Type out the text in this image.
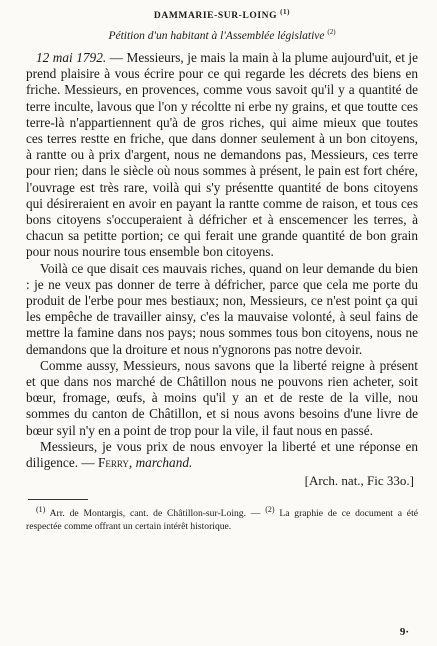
DAMMARIE-SUR-LOING $^{(1)}$
Pétition d'un habitant à l'Assemblée législative $^{(2)}$

12 mai 1792. — Messieurs, je mais la main à la plume aujourd'uit, et je prend plaisire à vous écrire pour ce qui regarde les décrets des biens en friche. Messieurs, en provences, comme vous savoit qu'il y a quantité de terre inculte, lavous que l'on y récoltte ni erbe ny grains, et que toutte ces terre-là n'appartiennent qu'à de gros riches, qui aime mieux que toutes ces terres restte en friche, que dans donner seulement à un bon citoyens, à rantte ou à prix d'argent, nous ne demandons pas, Messieurs, ces terre pour rien; dans le siècle où nous sommes à présent, le pain est fort chére, l'ouvrage est très rare, voilà qui s'y présentte quantité de bons citoyens qui désireraient en avoir en payant la rantte comme de raison, et tous ces bons citoyens s'occuperaient à défricher et à enscemencer les terres, à chacun sa petitte portion; ce qui ferait une grande quantité de bon grain pour nous nourire tous ensemble bon citoyens.

Voilà ce que disait ces mauvais riches, quand on leur demande du bien : je ne veux pas donner de terre à défricher, parce que cela me porte du produit de l'erbe pour mes bestiaux; non, Messieurs, ce n'est point ça qui les empêche de travailler ainsy, c'es la mauvaise volonté, à seul fains de mettre la famine dans nos pays; nous sommes tous bon citoyens, nous ne demandons que la droiture et nous n'ygnorons pas notre devoir.

Comme aussy, Messieurs, nous savons que la liberté reigne à présent et que dans nos marché de Châtillon nous ne pouvons rien acheter, soit bœur, fromage, œufs, à moins qu'il y an et de reste de la ville, nou sommes du canton de Châtillon, et si nous avons besoins d'une livre de bœur syil n'y en a point de trop pour la vile, il faut nous en passé.

Messieurs, je vous prix de nous envoyer la liberté et une réponse en diligence. — Ferry, marchand.

[Arch. nat., Fic 33o.]
$^{(1)}$ Arr. de Montargis, cant. de Châtillon-sur-Loing. — $^{(2)}$ La graphie de ce document a été respectée comme offrant un certain intérêt historique.
9·
